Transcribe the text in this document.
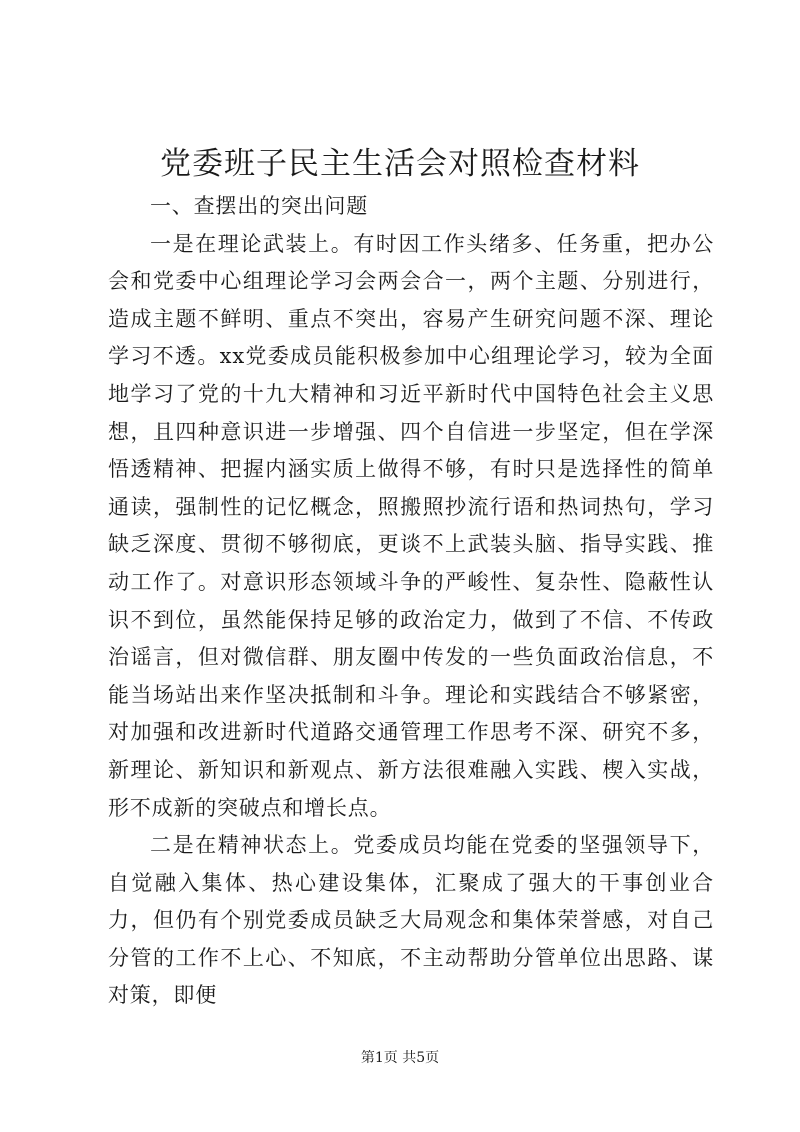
党委班子民主生活会对照检查材料

一、查摆出的突出问题

一是在理论武装上。有时因工作头绪多、任务重，把办公会和党委中心组理论学习会两会合一，两个主题、分别进行，造成主题不鲜明、重点不突出，容易产生研究问题不深、理论学习不透。xx党委成员能积极参加中心组理论学习，较为全面地学习了党的十九大精神和习近平新时代中国特色社会主义思想，且四种意识进一步增强、四个自信进一步坚定，但在学深悟透精神、把握内涵实质上做得不够，有时只是选择性的简单通读，强制性的记忆概念，照搬照抄流行语和热词热句，学习缺乏深度、贯彻不够彻底，更谈不上武装头脑、指导实践、推动工作了。对意识形态领域斗争的严峻性、复杂性、隐蔽性认识不到位，虽然能保持足够的政治定力，做到了不信、不传政治谣言，但对微信群、朋友圈中传发的一些负面政治信息，不能当场站出来作坚决抵制和斗争。理论和实践结合不够紧密，对加强和改进新时代道路交通管理工作思考不深、研究不多，新理论、新知识和新观点、新方法很难融入实践、楔入实战，形不成新的突破点和增长点。

二是在精神状态上。党委成员均能在党委的坚强领导下，自觉融入集体、热心建设集体，汇聚成了强大的干事创业合力，但仍有个别党委成员缺乏大局观念和集体荣誉感，对自己分管的工作不上心、不知底，不主动帮助分管单位出思路、谋对策，即便

第1页 共5页
